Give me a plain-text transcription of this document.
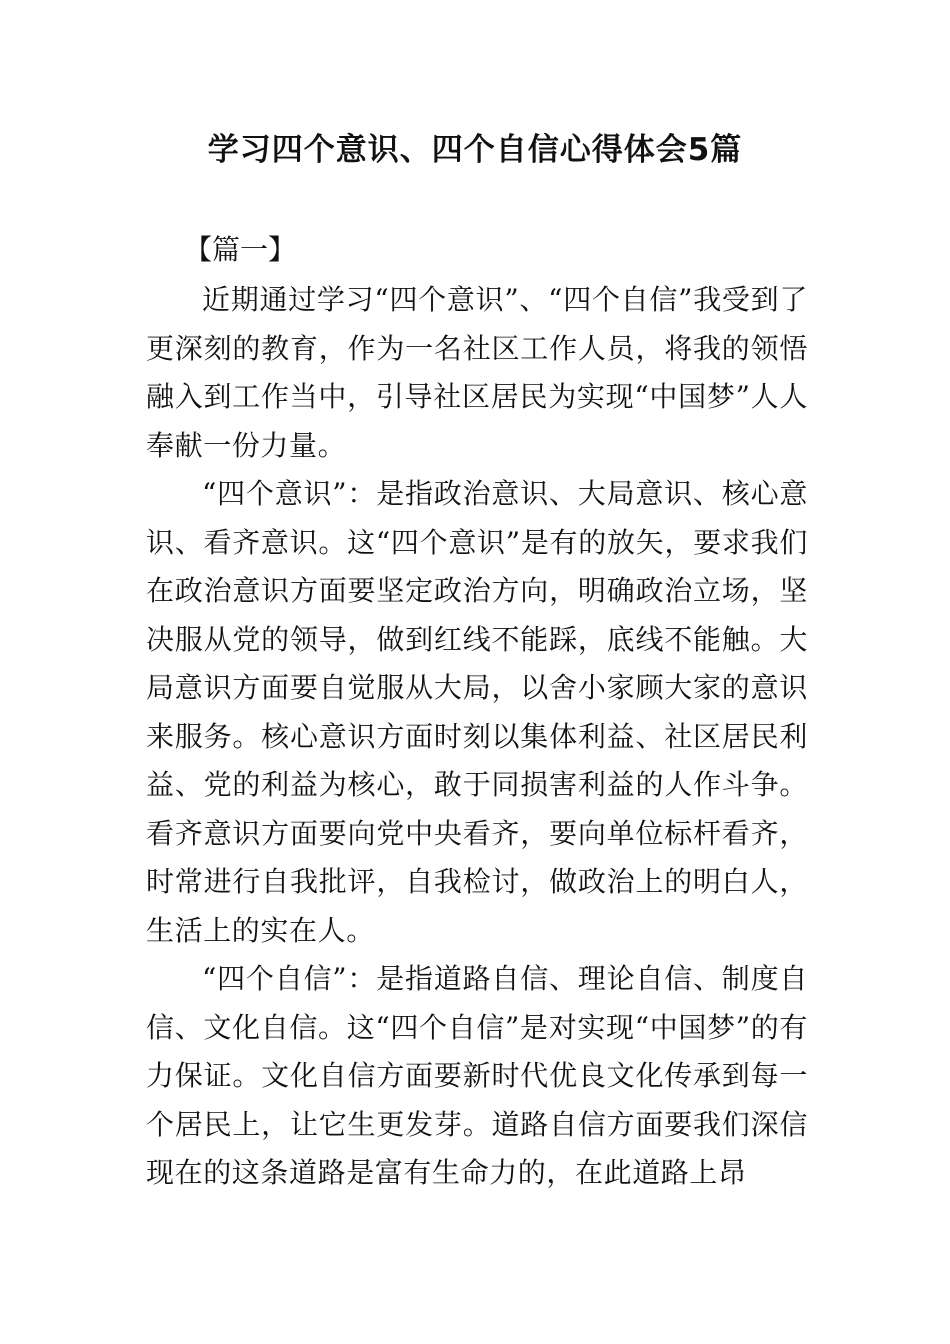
学习四个意识、四个自信心得体会5篇
【篇一】

近期通过学习“四个意识”、“四个自信”我受到了更深刻的教育，作为一名社区工作人员，将我的领悟融入到工作当中，引导社区居民为实现“中国梦”人人奉献一份力量。

“四个意识”：是指政治意识、大局意识、核心意识、看齐意识。这“四个意识”是有的放矢，要求我们在政治意识方面要坚定政治方向，明确政治立场，坚决服从党的领导，做到红线不能踩，底线不能触。大局意识方面要自觉服从大局，以舍小家顾大家的意识来服务。核心意识方面时刻以集体利益、社区居民利益、党的利益为核心，敢于同损害利益的人作斗争。看齐意识方面要向党中央看齐，要向单位标杆看齐，时常进行自我批评，自我检讨，做政治上的明白人，生活上的实在人。

“四个自信”：是指道路自信、理论自信、制度自信、文化自信。这“四个自信”是对实现“中国梦”的有力保证。文化自信方面要新时代优良文化传承到每一个居民上，让它生更发芽。道路自信方面要我们深信现在的这条道路是富有生命力的，在此道路上昂
